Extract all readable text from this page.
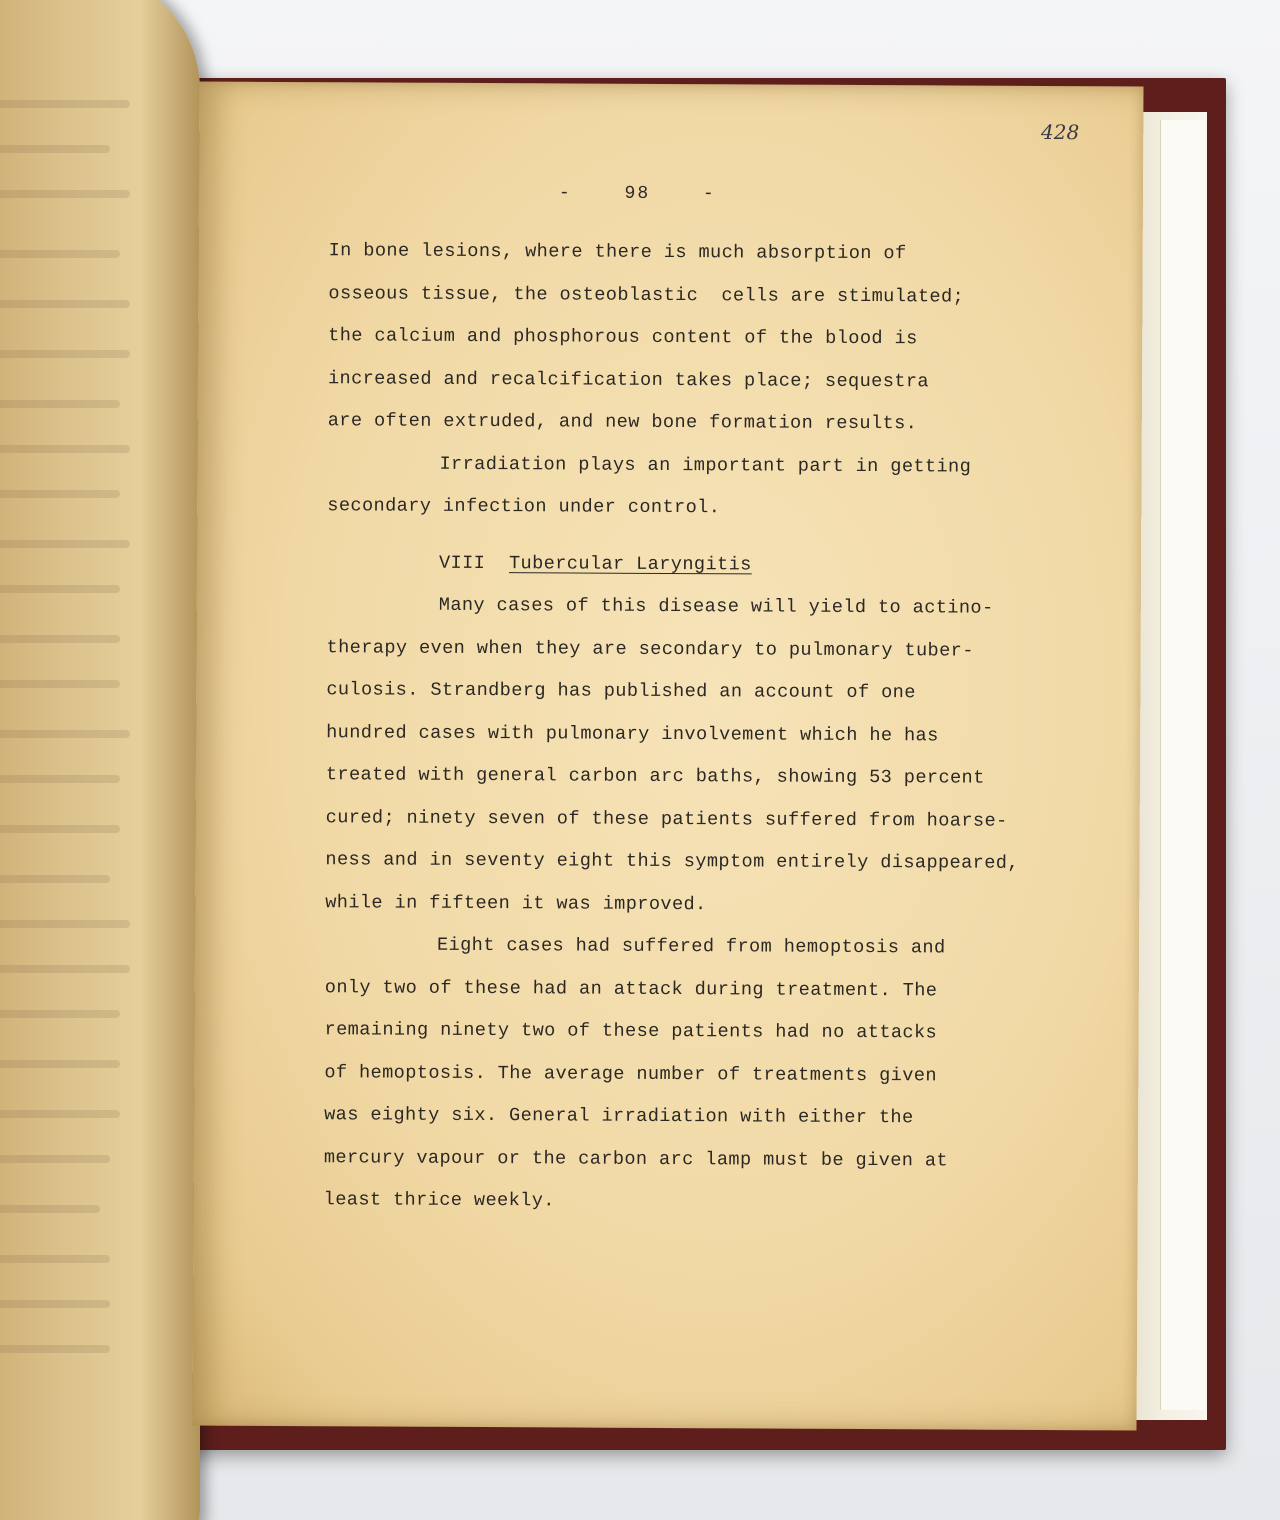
428
- 98 -
In bone lesions, where there is much absorption of
osseous tissue, the osteoblastic  cells are stimulated;
the calcium and phosphorous content of the blood is
increased and recalcification takes place; sequestra
are often extruded, and new bone formation results.
Irradiation plays an important part in getting
secondary infection under control.
VIII Tubercular Laryngitis
Many cases of this disease will yield to actino-
therapy even when they are secondary to pulmonary tuber-
culosis. Strandberg has published an account of one
hundred cases with pulmonary involvement which he has
treated with general carbon arc baths, showing 53 percent
cured; ninety seven of these patients suffered from hoarse-
ness and in seventy eight this symptom entirely disappeared,
while in fifteen it was improved.
Eight cases had suffered from hemoptosis and
only two of these had an attack during treatment. The
remaining ninety two of these patients had no attacks
of hemoptosis. The average number of treatments given
was eighty six. General irradiation with either the
mercury vapour or the carbon arc lamp must be given at
least thrice weekly.
